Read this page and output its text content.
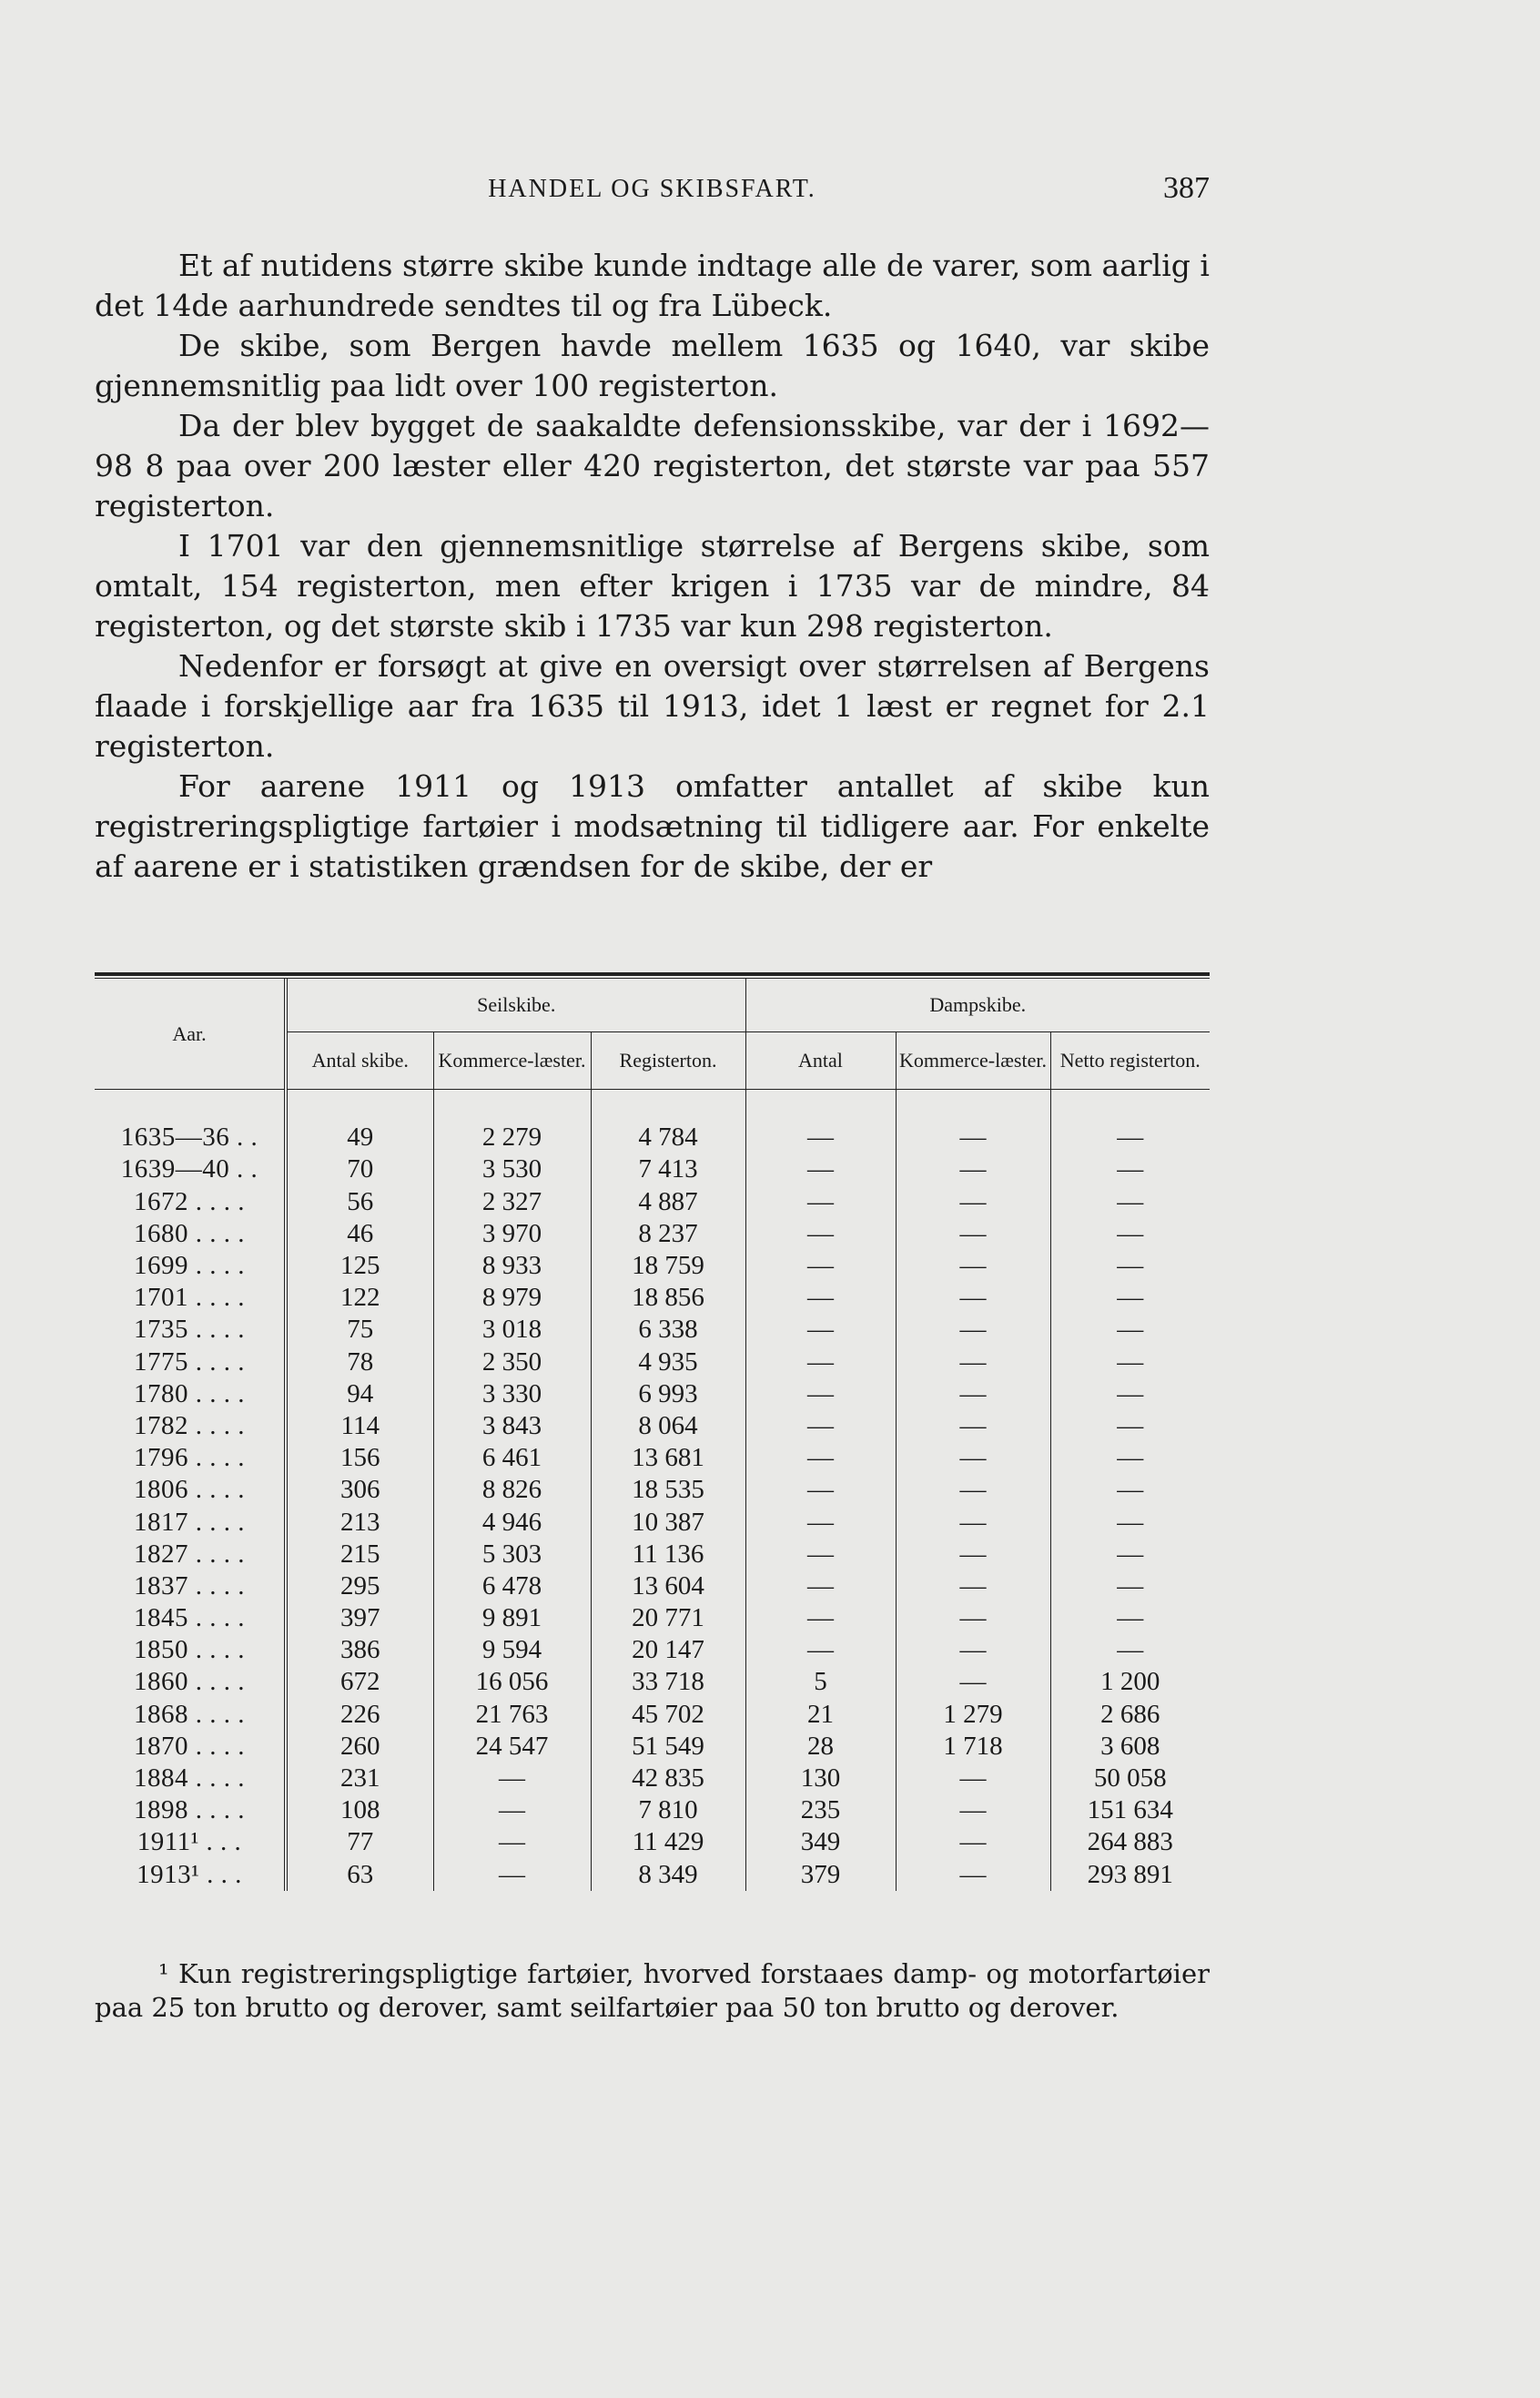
HANDEL OG SKIBSFART.	387

Et af nutidens større skibe kunde indtage alle de varer, som aarlig i det 14de aarhundrede sendtes til og fra Lübeck.

De skibe, som Bergen havde mellem 1635 og 1640, var skibe gjennemsnitlig paa lidt over 100 registerton.

Da der blev bygget de saakaldte defensionsskibe, var der i 1692—98 8 paa over 200 læster eller 420 registerton, det største var paa 557 registerton.

I 1701 var den gjennemsnitlige størrelse af Bergens skibe, som omtalt, 154 registerton, men efter krigen i 1735 var de mindre, 84 registerton, og det største skib i 1735 var kun 298 registerton.

Nedenfor er forsøgt at give en oversigt over størrelsen af Bergens flaade i forskjellige aar fra 1635 til 1913, idet 1 læst er regnet for 2.1 registerton.

For aarene 1911 og 1913 omfatter antallet af skibe kun registreringspligtige fartøier i modsætning til tidligere aar. For enkelte af aarene er i statistiken grændsen for de skibe, der er

Aar.	Seilskibe.			Dampskibe.		
	Antal skibe.	Kommerce-læster.	Registerton.	Antal	Kommerce-læster.	Netto registerton.

1635—36 . .	49	2 279	4 784	—	—	—
1639—40 . .	70	3 530	7 413	—	—	—
1672 . . . .	56	2 327	4 887	—	—	—
1680 . . . .	46	3 970	8 237	—	—	—
1699 . . . .	125	8 933	18 759	—	—	—
1701 . . . .	122	8 979	18 856	—	—	—
1735 . . . .	75	3 018	6 338	—	—	—
1775 . . . .	78	2 350	4 935	—	—	—
1780 . . . .	94	3 330	6 993	—	—	—
1782 . . . .	114	3 843	8 064	—	—	—
1796 . . . .	156	6 461	13 681	—	—	—
1806 . . . .	306	8 826	18 535	—	—	—
1817 . . . .	213	4 946	10 387	—	—	—
1827 . . . .	215	5 303	11 136	—	—	—
1837 . . . .	295	6 478	13 604	—	—	—
1845 . . . .	397	9 891	20 771	—	—	—
1850 . . . .	386	9 594	20 147	—	—	—
1860 . . . .	672	16 056	33 718	5	—	1 200
1868 . . . .	226	21 763	45 702	21	1 279	2 686
1870 . . . .	260	24 547	51 549	28	1 718	3 608
1884 . . . .	231	—	42 835	130	—	50 058
1898 . . . .	108	—	7 810	235	—	151 634
1911¹ . . .	77	—	11 429	349	—	264 883
1913¹ . . .	63	—	8 349	379	—	293 891

¹ Kun registreringspligtige fartøier, hvorved forstaaes damp- og motorfartøier paa 25 ton brutto og derover, samt seilfartøier paa 50 ton brutto og derover.
